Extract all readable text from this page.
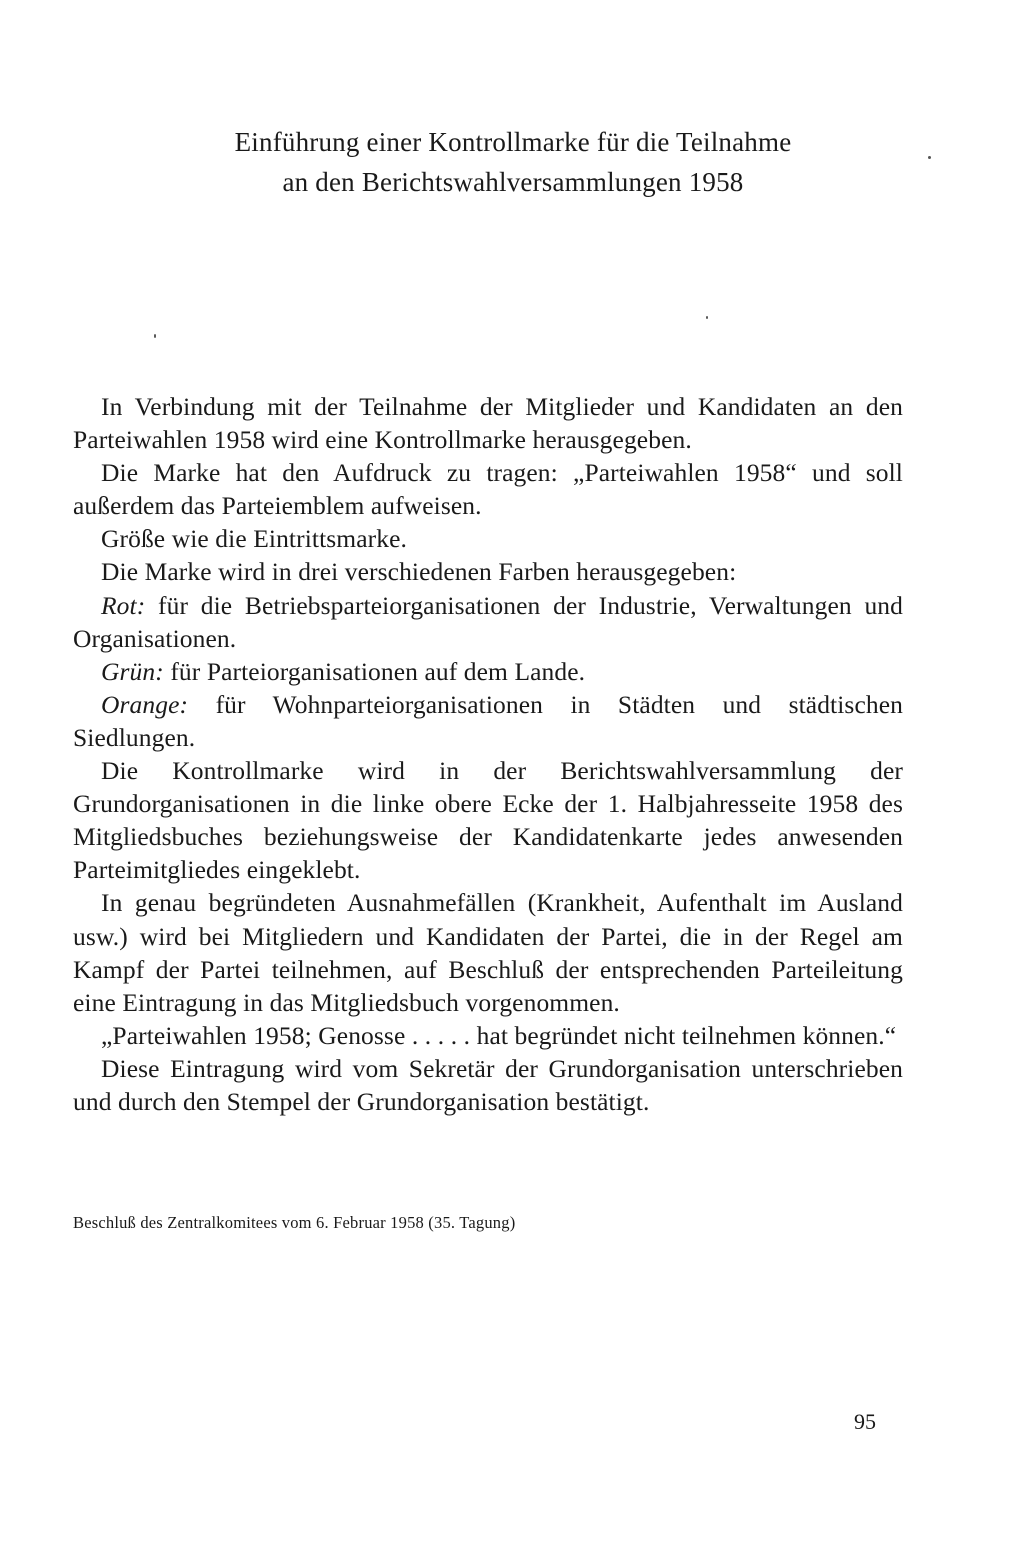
Einführung einer Kontrollmarke für die Teilnahme
an den Berichtswahlversammlungen 1958

In Verbindung mit der Teilnahme der Mitglieder und Kandidaten an den Parteiwahlen 1958 wird eine Kontrollmarke herausgegeben.

Die Marke hat den Aufdruck zu tragen: „Parteiwahlen 1958“ und soll außerdem das Parteiemblem aufweisen.

Größe wie die Eintrittsmarke.

Die Marke wird in drei verschiedenen Farben herausgegeben:

Rot: für die Betriebsparteiorganisationen der Industrie, Verwaltungen und Organisationen.

Grün: für Parteiorganisationen auf dem Lande.

Orange: für Wohnparteiorganisationen in Städten und städtischen Siedlungen.

Die Kontrollmarke wird in der Berichtswahlversammlung der Grundorganisationen in die linke obere Ecke der 1. Halbjahresseite 1958 des Mitgliedsbuches beziehungsweise der Kandidatenkarte jedes anwesenden Parteimitgliedes eingeklebt.

In genau begründeten Ausnahmefällen (Krankheit, Aufenthalt im Ausland usw.) wird bei Mitgliedern und Kandidaten der Partei, die in der Regel am Kampf der Partei teilnehmen, auf Beschluß der entsprechenden Parteileitung eine Eintragung in das Mitgliedsbuch vorgenommen.

„Parteiwahlen 1958; Genosse . . . . . hat begründet nicht teilnehmen können.“

Diese Eintragung wird vom Sekretär der Grundorganisation unterschrieben und durch den Stempel der Grundorganisation bestätigt.

Beschluß des Zentralkomitees vom 6. Februar 1958 (35. Tagung)
95
